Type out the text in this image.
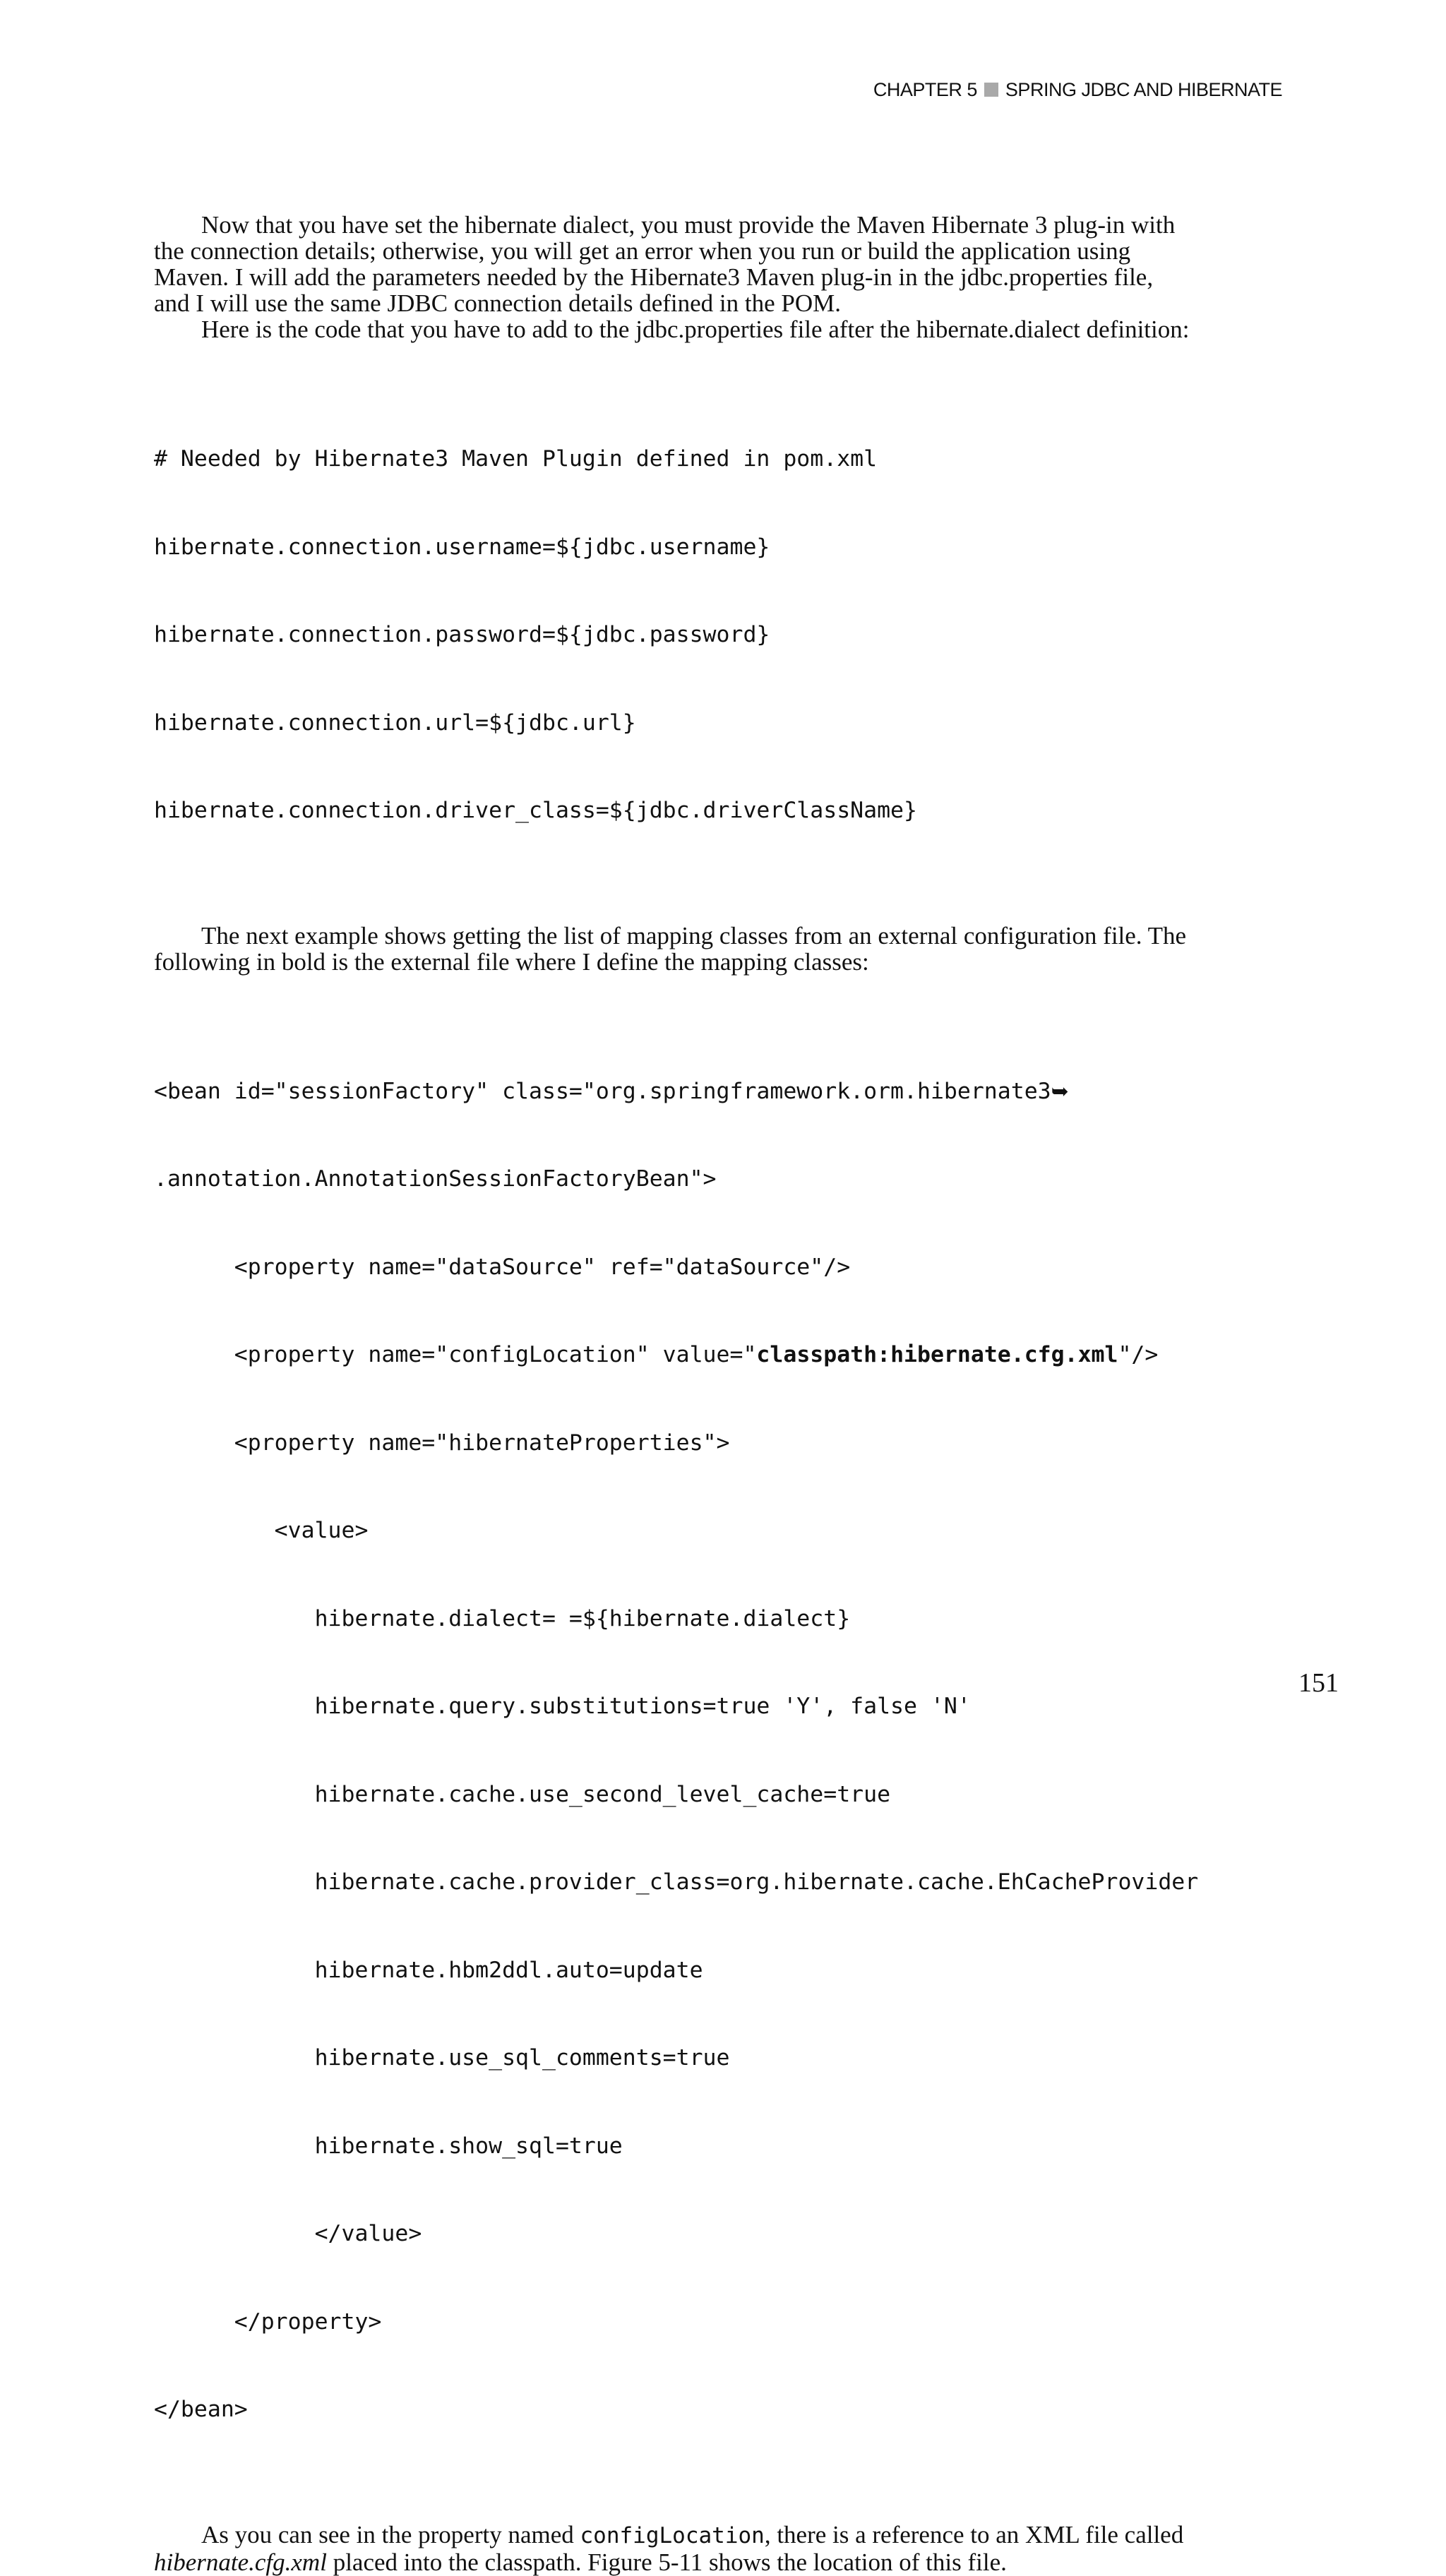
CHAPTER 5 SPRING JDBC AND HIBERNATE

Now that you have set the hibernate dialect, you must provide the Maven Hibernate 3 plug-in with

the connection details; otherwise, you will get an error when you run or build the application using

Maven. I will add the parameters needed by the Hibernate3 Maven plug-in in the jdbc.properties file,

and I will use the same JDBC connection details defined in the POM.

Here is the code that you have to add to the jdbc.properties file after the hibernate.dialect definition:

# Needed by Hibernate3 Maven Plugin defined in pom.xml

hibernate.connection.username=${jdbc.username}

hibernate.connection.password=${jdbc.password}

hibernate.connection.url=${jdbc.url}

hibernate.connection.driver_class=${jdbc.driverClassName}

The next example shows getting the list of mapping classes from an external configuration file. The

following in bold is the external file where I define the mapping classes:

<bean id="sessionFactory" class="org.springframework.orm.hibernate3➥

.annotation.AnnotationSessionFactoryBean">

<property name="dataSource" ref="dataSource"/>

<property name="configLocation" value="classpath:hibernate.cfg.xml"/>

<property name="hibernateProperties">

<value>

hibernate.dialect= =${hibernate.dialect}

hibernate.query.substitutions=true 'Y', false 'N'

hibernate.cache.use_second_level_cache=true

hibernate.cache.provider_class=org.hibernate.cache.EhCacheProvider

hibernate.hbm2ddl.auto=update

hibernate.use_sql_comments=true

hibernate.show_sql=true

</value>

</property>

</bean>

As you can see in the property named configLocation, there is a reference to an XML file called

hibernate.cfg.xml placed into the classpath. Figure 5-11 shows the location of this file.

151
